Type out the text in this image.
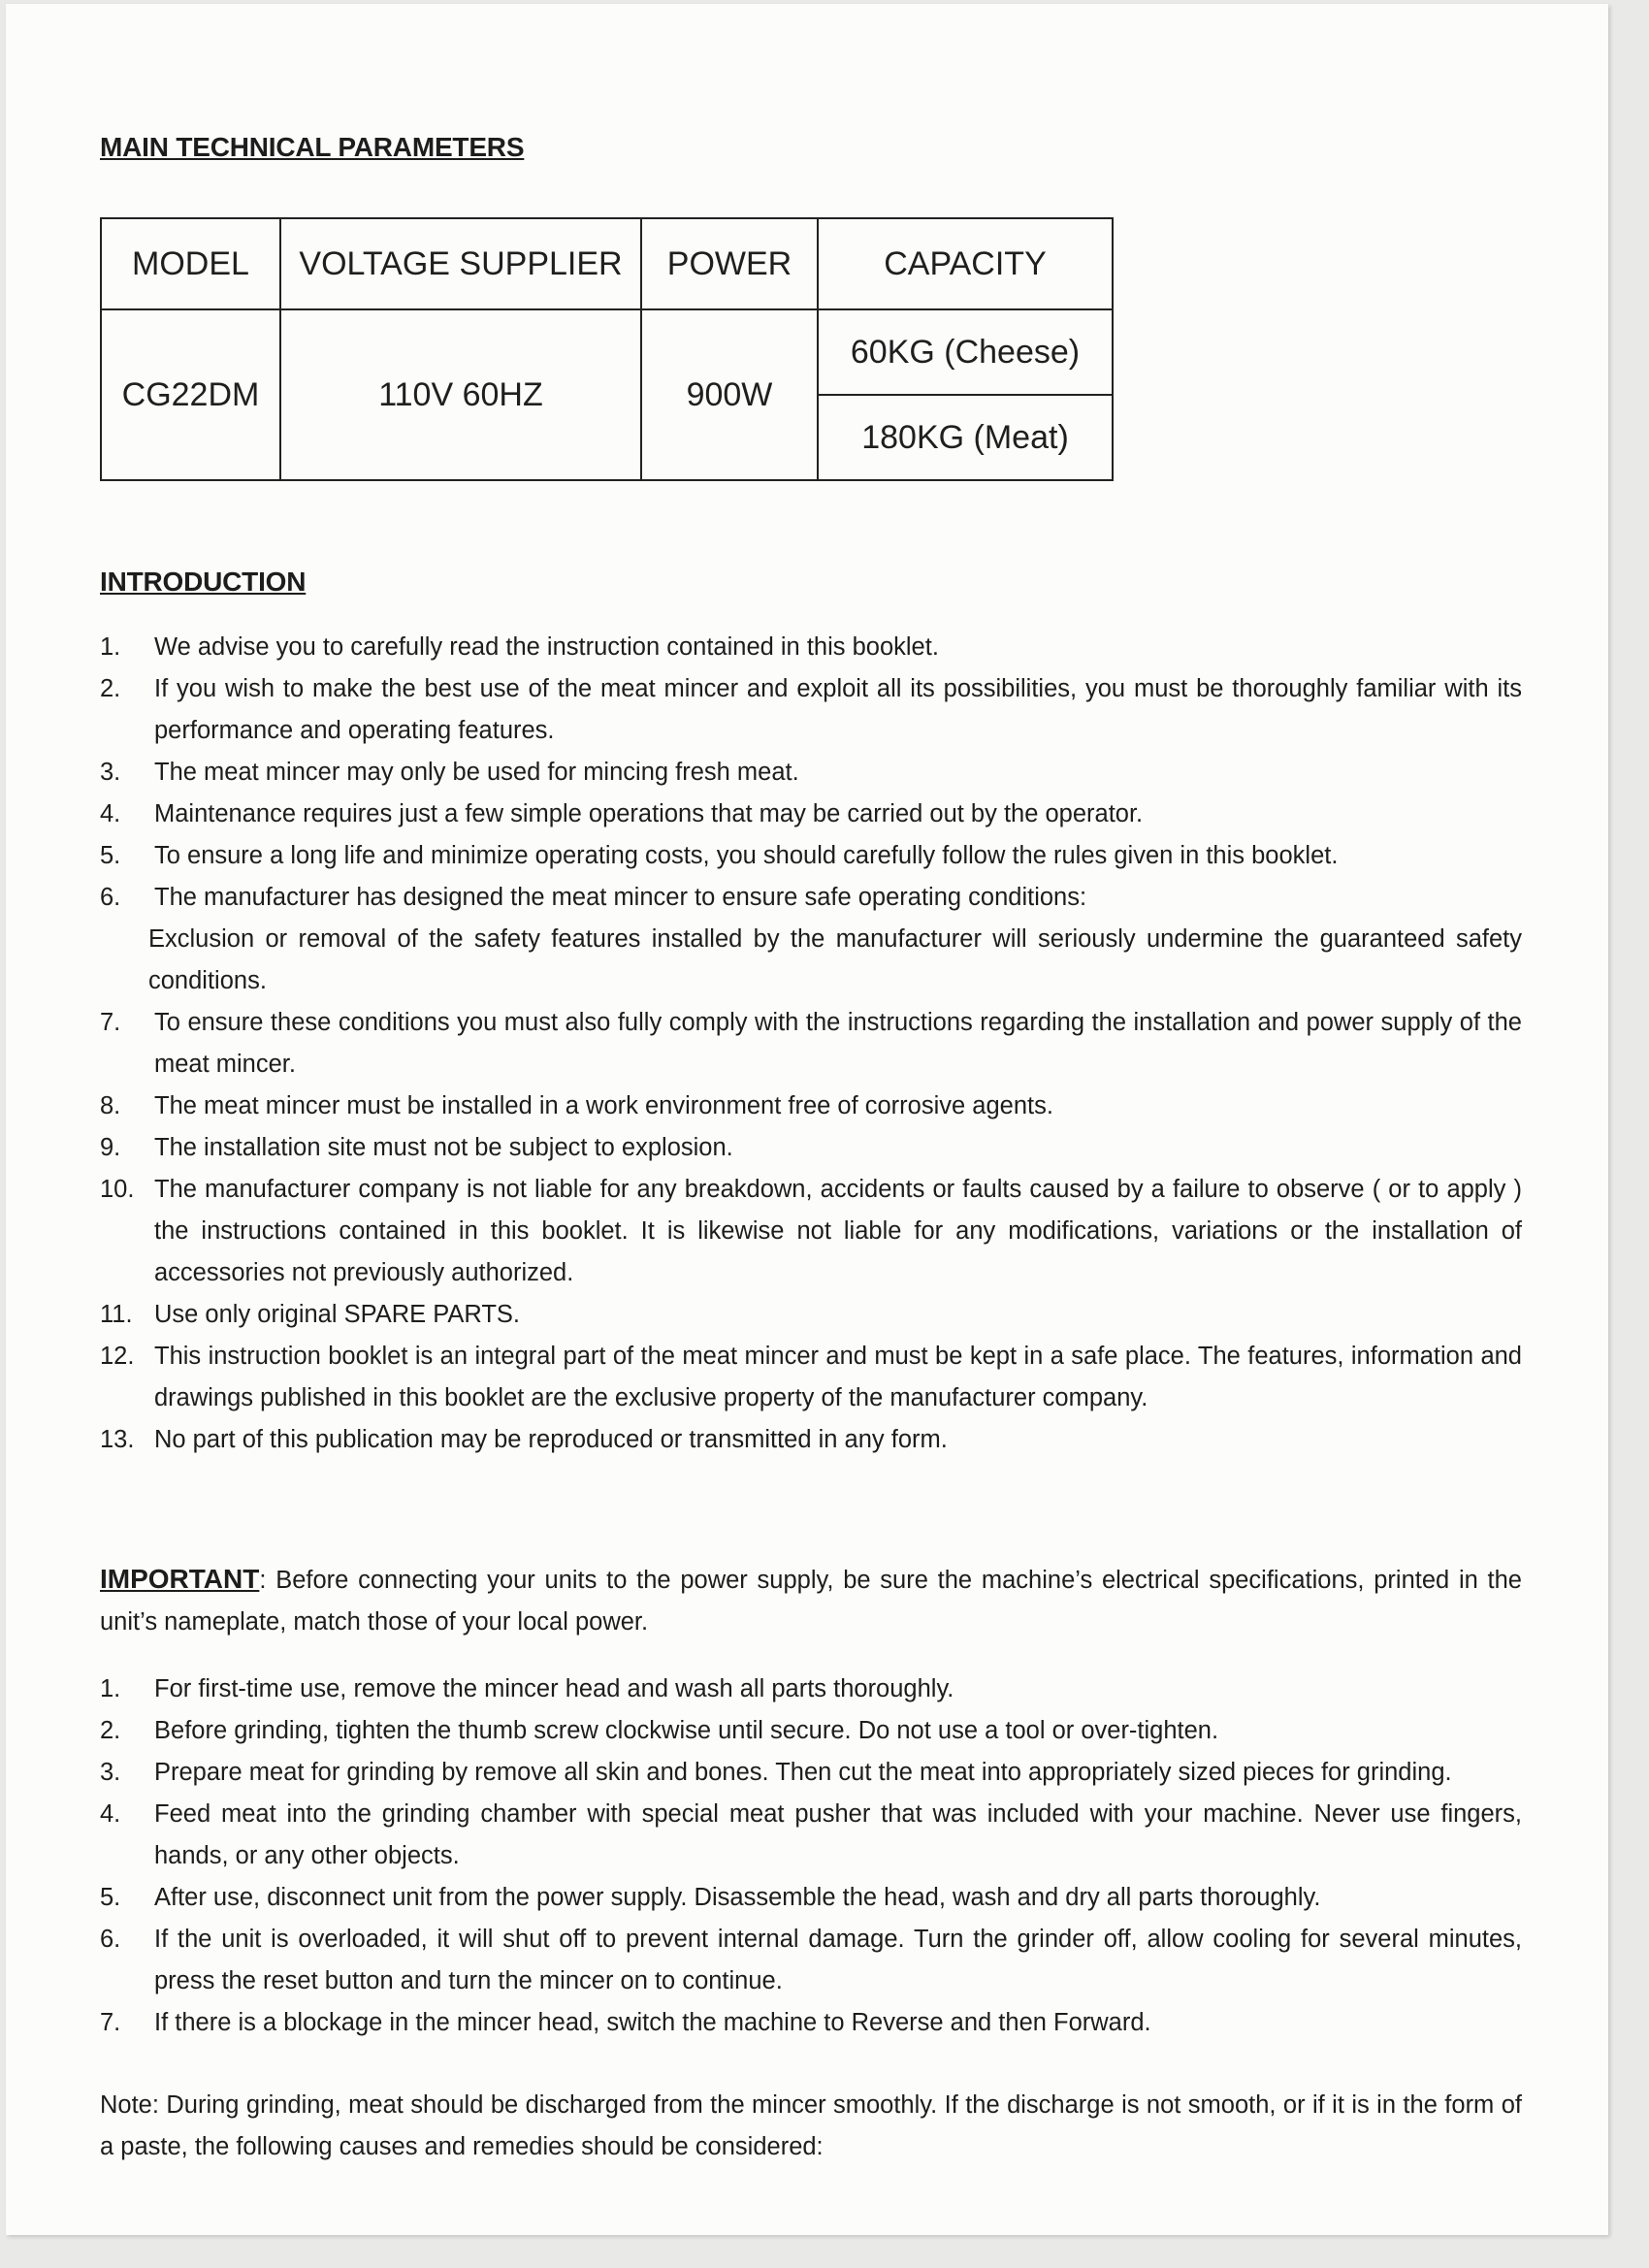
MAIN TECHNICAL PARAMETERS
MODEL	VOLTAGE SUPPLIER	POWER	CAPACITY
CG22DM	110V 60HZ	900W	60KG (Cheese)
			180KG (Meat)
INTRODUCTION
1. We advise you to carefully read the instruction contained in this booklet.
2. If you wish to make the best use of the meat mincer and exploit all its possibilities, you must be thoroughly familiar with its performance and operating features.
3. The meat mincer may only be used for mincing fresh meat.
4. Maintenance requires just a few simple operations that may be carried out by the operator.
5. To ensure a long life and minimize operating costs, you should carefully follow the rules given in this booklet.
6. The manufacturer has designed the meat mincer to ensure safe operating conditions:
Exclusion or removal of the safety features installed by the manufacturer will seriously undermine the guaranteed safety conditions.
7. To ensure these conditions you must also fully comply with the instructions regarding the installation and power supply of the meat mincer.
8. The meat mincer must be installed in a work environment free of corrosive agents.
9. The installation site must not be subject to explosion.
10. The manufacturer company is not liable for any breakdown, accidents or faults caused by a failure to observe ( or to apply ) the instructions contained in this booklet. It is likewise not liable for any modifications, variations or the installation of accessories not previously authorized.
11. Use only original SPARE PARTS.
12. This instruction booklet is an integral part of the meat mincer and must be kept in a safe place. The features, information and drawings published in this booklet are the exclusive property of the manufacturer company.
13. No part of this publication may be reproduced or transmitted in any form.

IMPORTANT: Before connecting your units to the power supply, be sure the machine’s electrical specifications, printed in the unit’s nameplate, match those of your local power.

1. For first-time use, remove the mincer head and wash all parts thoroughly.
2. Before grinding, tighten the thumb screw clockwise until secure. Do not use a tool or over-tighten.
3. Prepare meat for grinding by remove all skin and bones. Then cut the meat into appropriately sized pieces for grinding.
4. Feed meat into the grinding chamber with special meat pusher that was included with your machine. Never use fingers, hands, or any other objects.
5. After use, disconnect unit from the power supply. Disassemble the head, wash and dry all parts thoroughly.
6. If the unit is overloaded, it will shut off to prevent internal damage. Turn the grinder off, allow cooling for several minutes, press the reset button and turn the mincer on to continue.
7. If there is a blockage in the mincer head, switch the machine to Reverse and then Forward.

Note: During grinding, meat should be discharged from the mincer smoothly. If the discharge is not smooth, or if it is in the form of a paste, the following causes and remedies should be considered:
